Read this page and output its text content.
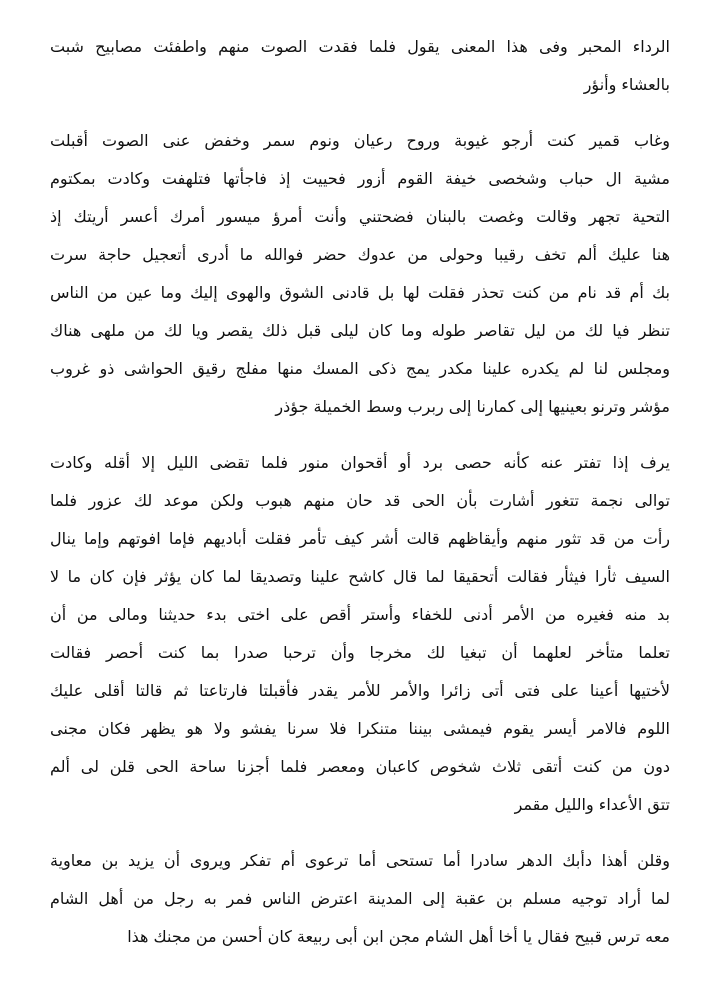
الرداء المحبر وفى هذا المعنى يقول فلما فقدت الصوت منهم واطفئت مصابيح شبت
بالعشاء وأنؤر
وغاب قمير كنت أرجو غيوبة وروح رعيان ونوم سمر وخفض عنى الصوت أقبلت
مشية ال حباب وشخصى خيفة القوم أزور فحييت إذ فاجأتها فتلهفت وكادت بمكتوم
التحية تجهر وقالت وغصت بالبنان فضحتني وأنت أمرؤ ميسور أمرك أعسر أريتك إذ
هنا عليك ألم تخف رقيبا وحولى من عدوك حضر فوالله ما أدرى أتعجيل حاجة سرت
بك أم قد نام من كنت تحذر فقلت لها بل قادنى الشوق والهوى إليك وما عين من الناس
تنظر فيا لك من ليل تقاصر طوله وما كان ليلى قبل ذلك يقصر ويا لك من ملهى هناك
ومجلس لنا لم يكدره علينا مكدر يمج ذكى المسك منها مفلج رقيق الحواشى ذو غروب
مؤشر وترنو بعينيها إلى كمارنا إلى ربرب وسط الخميلة جؤذر
يرف إذا تفتر عنه كأنه حصى برد أو أقحوان منور فلما تقضى الليل إلا أقله وكادت
توالى نجمة تتغور أشارت بأن الحى قد حان منهم هبوب ولكن موعد لك عزور فلما
رأت من قد تثور منهم وأيقاظهم قالت أشر كيف تأمر فقلت أباديهم فإما افوتهم وإما ينال
السيف ثأرا فيثأر فقالت أتحقيقا لما قال كاشح علينا وتصديقا لما كان يؤثر فإن كان ما لا
بد منه فغيره من الأمر أدنى للخفاء وأستر أقص على اختى بدء حديثنا ومالى من أن
تعلما متأخر لعلهما أن تبغيا لك مخرجا وأن ترحبا صدرا بما كنت أحصر فقالت
لأختيها أعينا على فتى أتى زائرا والأمر للأمر يقدر فأقبلتا فارتاعتا ثم قالتا أقلى عليك
اللوم فالامر أيسر يقوم فيمشى بيننا متنكرا فلا سرنا يفشو ولا هو يظهر فكان مجنى
دون من كنت أتقى ثلاث شخوص كاعبان ومعصر فلما أجزنا ساحة الحى قلن لى ألم
تتق الأعداء والليل مقمر
وقلن أهذا دأبك الدهر سادرا أما تستحى أما ترعوى أم تفكر ويروى أن يزيد بن معاوية
لما أراد توجيه مسلم بن عقبة إلى المدينة اعترض الناس فمر به رجل من أهل الشام
معه ترس قبيح فقال يا أخا أهل الشام مجن ابن أبى ربيعة كان أحسن من مجنك هذا
